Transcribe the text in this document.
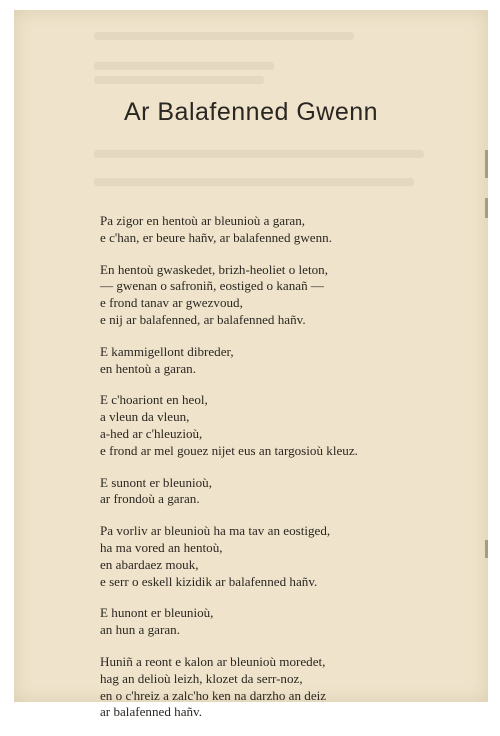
Ar Balafenned Gwenn
Pa zigor en hentoù ar bleunioù a garan,
e c'han, er beure hañv, ar balafenned gwenn.
En hentoù gwaskedet, brizh-heoliet o leton,
— gwenan o safroniñ, eostiged o kanañ —
e frond tanav ar gwezvoud,
e nij ar balafenned, ar balafenned hañv.
E kammigellont dibreder,
en hentoù a garan.
E c'hoariont en heol,
a vleun da vleun,
a-hed ar c'hleuzioù,
e frond ar mel gouez nijet eus an targosioù kleuz.
E sunont er bleunioù,
ar frondoù a garan.
Pa vorliv ar bleunioù ha ma tav an eostiged,
ha ma vored an hentoù,
en abardaez mouk,
e serr o eskell kizidik ar balafenned hañv.
E hunont er bleunioù,
an hun a garan.
Huniñ a reont e kalon ar bleunioù moredet,
hag an delioù leizh, klozet da serr-noz,
en o c'hreiz a zalc'ho ken na darzho an deiz
ar balafenned hañv.
